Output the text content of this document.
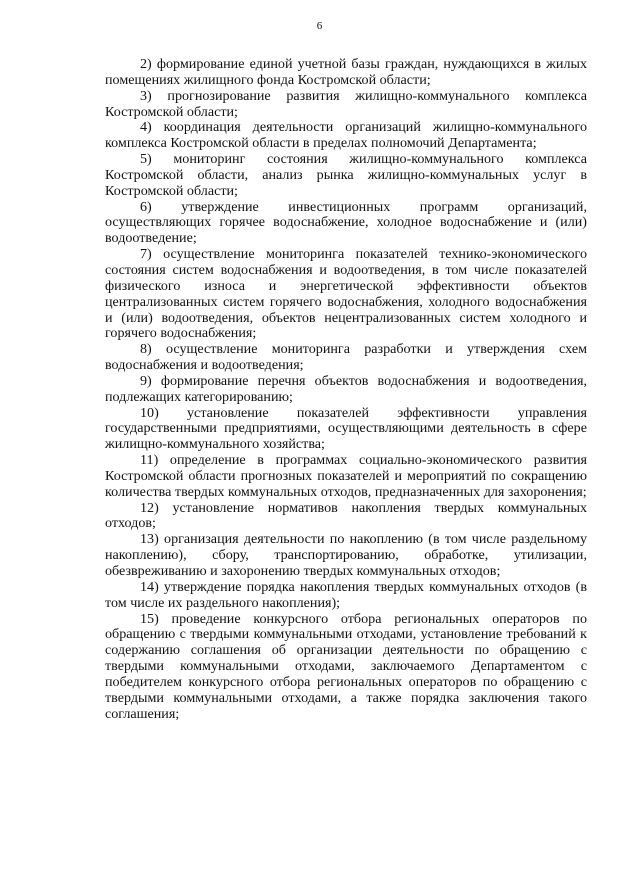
6

2) формирование единой учетной базы граждан, нуждающихся в жилых помещениях жилищного фонда Костромской области;

3) прогнозирование развития жилищно-коммунального комплекса Костромской области;

4) координация деятельности организаций жилищно-коммунального комплекса Костромской области в пределах полномочий Департамента;

5) мониторинг состояния жилищно-коммунального комплекса Костромской области, анализ рынка жилищно-коммунальных услуг в Костромской области;

6) утверждение инвестиционных программ организаций, осуществляющих горячее водоснабжение, холодное водоснабжение и (или) водоотведение;

7) осуществление мониторинга показателей технико-экономического состояния систем водоснабжения и водоотведения, в том числе показателей физического износа и энергетической эффективности объектов централизованных систем горячего водоснабжения, холодного водоснабжения и (или) водоотведения, объектов нецентрализованных систем холодного и горячего водоснабжения;

8) осуществление мониторинга разработки и утверждения схем водоснабжения и водоотведения;

9) формирование перечня объектов водоснабжения и водоотведения, подлежащих категорированию;

10) установление показателей эффективности управления государственными предприятиями, осуществляющими деятельность в сфере жилищно-коммунального хозяйства;

11) определение в программах социально-экономического развития Костромской области прогнозных показателей и мероприятий по сокращению количества твердых коммунальных отходов, предназначенных для захоронения;

12) установление нормативов накопления твердых коммунальных отходов;

13) организация деятельности по накоплению (в том числе раздельному накоплению), сбору, транспортированию, обработке, утилизации, обезвреживанию и захоронению твердых коммунальных отходов;

14) утверждение порядка накопления твердых коммунальных отходов (в том числе их раздельного накопления);

15) проведение конкурсного отбора региональных операторов по обращению с твердыми коммунальными отходами, установление требований к содержанию соглашения об организации деятельности по обращению с твердыми коммунальными отходами, заключаемого Департаментом с победителем конкурсного отбора региональных операторов по обращению с твердыми коммунальными отходами, а также порядка заключения такого соглашения;
